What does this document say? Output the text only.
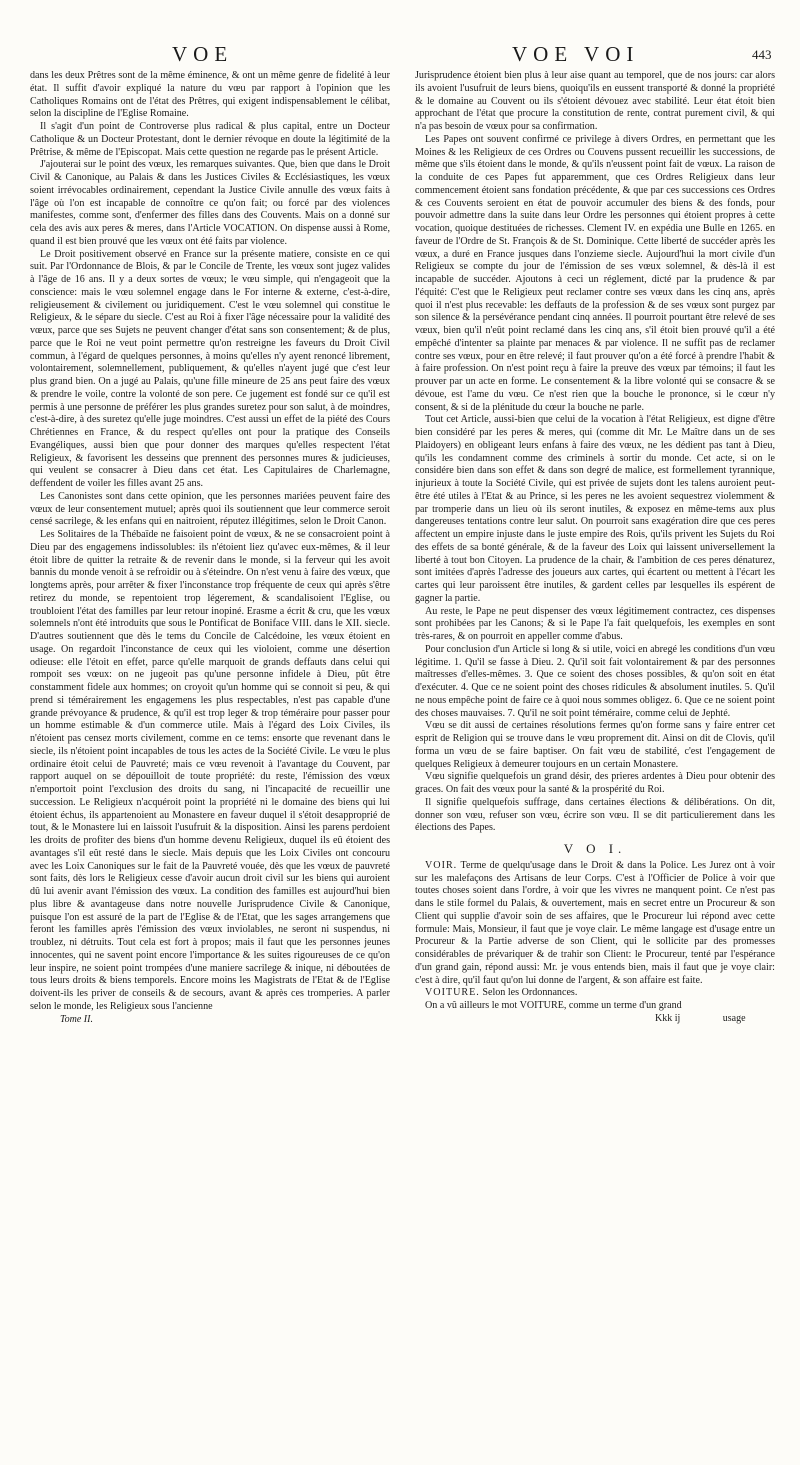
VOE	VOE VOI	443

dans les deux Prêtres sont de la même éminence, & ont un même genre de fidelité à leur état. Il suffit d'avoir expliqué la nature du vœu par rapport à l'opinion que les Catholiques Romains ont de l'état des Prêtres, qui exigent indispensablement le célibat, selon la discipline de l'Eglise Romaine.

Il s'agit d'un point de Controverse plus radical & plus capital, entre un Docteur Catholique & un Docteur Protestant, dont le dernier révoque en doute la légitimité de la Prêtrise, & même de l'Episcopat. Mais cette question ne regarde pas le présent Article.

J'ajouterai sur le point des vœux, les remarques suivantes. Que, bien que dans le Droit Civil & Canonique, au Palais & dans les Justices Civiles & Ecclésiastiques, les vœux soient irrévocables ordinairement, cependant la Justice Civile annulle des vœux faits à l'âge où l'on est incapable de connoître ce qu'on fait; ou forcé par des violences manifestes, comme sont, d'enfermer des filles dans des Couvents. Mais on a donné sur cela des avis aux peres & meres, dans l'Article VOCATION. On dispense aussi à Rome, quand il est bien prouvé que les vœux ont été faits par violence.

Le Droit positivement observé en France sur la présente matiere, consiste en ce qui suit. Par l'Ordonnance de Blois, & par le Concile de Trente, les vœux sont jugez valides à l'âge de 16 ans. Il y a deux sortes de vœux; le vœu simple, qui n'engageoit que la conscience: mais le vœu solemnel engage dans le For interne & externe, c'est-à-dire, religieusement & civilement ou juridiquement. C'est le vœu solemnel qui constitue le Religieux, & le sépare du siecle. C'est au Roi à fixer l'âge nécessaire pour la validité des vœux, parce que ses Sujets ne peuvent changer d'état sans son consentement; & de plus, parce que le Roi ne veut point permettre qu'on restreigne les faveurs du Droit Civil commun, à l'égard de quelques personnes, à moins qu'elles n'y ayent renoncé librement, volontairement, solemnellement, publiquement, & qu'elles n'ayent jugé que c'est leur plus grand bien. On a jugé au Palais, qu'une fille mineure de 25 ans peut faire des vœux & prendre le voile, contre la volonté de son pere. Ce jugement est fondé sur ce qu'il est permis à une personne de préférer les plus grandes suretez pour son salut, à de moindres, c'est-à-dire, à des suretez qu'elle juge moindres. C'est aussi un effet de la piété des Cours Chrétiennes en France, & du respect qu'elles ont pour la pratique des Conseils Evangéliques, aussi bien que pour donner des marques qu'elles respectent l'état Religieux, & favorisent les desseins que prennent des personnes mures & judicieuses, qui veulent se consacrer à Dieu dans cet état. Les Capitulaires de Charlemagne, deffendent de voiler les filles avant 25 ans.

Les Canonistes sont dans cette opinion, que les personnes mariées peuvent faire des vœux de leur consentement mutuel; après quoi ils soutiennent que leur commerce seroit censé sacrilege, & les enfans qui en naitroient, réputez illégitimes, selon le Droit Canon.

Les Solitaires de la Thébaïde ne faisoient point de vœux, & ne se consacroient point à Dieu par des engagemens indissolubles: ils n'étoient liez qu'avec eux-mêmes, & il leur étoit libre de quitter la retraite & de revenir dans le monde, si la ferveur qui les avoit bannis du monde venoit à se refroidir ou à s'éteindre. On n'est venu à faire des vœux, que longtems après, pour arrêter & fixer l'inconstance trop fréquente de ceux qui après s'être retirez du monde, se repentoient trop légerement, & scandalisoient l'Eglise, ou troubloient l'état des familles par leur retour inopiné. Erasme a écrit & cru, que les vœux solemnels n'ont été introduits que sous le Pontificat de Boniface VIII. dans le XII. siecle. D'autres soutiennent que dès le tems du Concile de Calcédoine, les vœux étoient en usage. On regardoit l'inconstance de ceux qui les violoient, comme une désertion odieuse: elle l'étoit en effet, parce qu'elle marquoit de grands deffauts dans celui qui rompoit ses vœux: on ne jugeoit pas qu'une personne infidele à Dieu, pût être constamment fidele aux hommes; on croyoit qu'un homme qui se connoit si peu, & qui prend si témérairement les engagemens les plus respectables, n'est pas capable d'une grande prévoyance & prudence, & qu'il est trop leger & trop téméraire pour passer pour un homme estimable & d'un commerce utile. Mais à l'égard des Loix Civiles, ils n'étoient pas censez morts civilement, comme en ce tems: ensorte que revenant dans le siecle, ils n'étoient point incapables de tous les actes de la Société Civile. Le vœu le plus ordinaire étoit celui de Pauvreté; mais ce vœu revenoit à l'avantage du Couvent, par rapport auquel on se dépouilloit de toute propriété: du reste, l'émission des vœux n'emportoit point l'exclusion des droits du sang, ni l'incapacité de recueillir une succession. Le Religieux n'acquéroit point la propriété ni le domaine des biens qui lui étoient échus, ils appartenoient au Monastere en faveur duquel il s'étoit desapproprié de tout, & le Monastere lui en laissoit l'usufruit & la disposition. Ainsi les parens perdoient les droits de profiter des biens d'un homme devenu Religieux, duquel ils eû étoient des avantages s'il eût resté dans le siecle. Mais depuis que les Loix Civiles ont concouru avec les Loix Canoniques sur le fait de la Pauvreté vouée, dès que les vœux de pauvreté sont faits, dès lors le Religieux cesse d'avoir aucun droit civil sur les biens qui auroient dû lui avenir avant l'émission des vœux. La condition des familles est aujourd'hui bien plus libre & avantageuse dans notre nouvelle Jurisprudence Civile & Canonique, puisque l'on est assuré de la part de l'Eglise & de l'Etat, que les sages arrangemens que feront les familles après l'émission des vœux inviolables, ne seront ni suspendus, ni troublez, ni détruits. Tout cela est fort à propos; mais il faut que les personnes jeunes innocentes, qui ne savent point encore l'importance & les suites rigoureuses de ce qu'on leur inspire, ne soient point trompées d'une maniere sacrilege & inique, ni déboutées de tous leurs droits & biens temporels. Encore moins les Magistrats de l'Etat & de l'Eglise doivent-ils les priver de conseils & de secours, avant & après ces tromperies. A parler selon le monde, les Religieux sous l'ancienne

Tome II.

Jurisprudence étoient bien plus à leur aise quant au temporel, que de nos jours: car alors ils avoient l'usufruit de leurs biens, quoiqu'ils en eussent transporté & donné la propriété & le domaine au Couvent ou ils s'étoient dévouez avec stabilité. Leur état étoit bien approchant de l'état que procure la constitution de rente, contrat purement civil, & qui n'a pas besoin de vœux pour sa confirmation.

Les Papes ont souvent confirmé ce privilege à divers Ordres, en permettant que les Moines & les Religieux de ces Ordres ou Couvens pussent recueillir les successions, de même que s'ils étoient dans le monde, & qu'ils n'eussent point fait de vœux. La raison de la conduite de ces Papes fut apparemment, que ces Ordres Religieux dans leur commencement étoient sans fondation précédente, & que par ces successions ces Ordres & ces Couvents seroient en état de pouvoir accumuler des biens & des fonds, pour pouvoir admettre dans la suite dans leur Ordre les personnes qui étoient propres à cette vocation, quoique destituées de richesses. Clement IV. en expédia une Bulle en 1265. en faveur de l'Ordre de St. François & de St. Dominique. Cette liberté de succéder après les vœux, a duré en France jusques dans l'onzieme siecle. Aujourd'hui la mort civile d'un Religieux se compte du jour de l'émission de ses vœux solemnel, & dès-là il est incapable de succéder. Ajoutons à ceci un réglement, dicté par la prudence & par l'équité: C'est que le Religieux peut reclamer contre ses vœux dans les cinq ans, après quoi il n'est plus recevable: les deffauts de la profession & de ses vœux sont purgez par son silence & la persévérance pendant cinq années. Il pourroit pourtant être relevé de ses vœux, bien qu'il n'eût point reclamé dans les cinq ans, s'il étoit bien prouvé qu'il a été empêché d'intenter sa plainte par menaces & par violence. Il ne suffit pas de reclamer contre ses vœux, pour en être relevé; il faut prouver qu'on a été forcé à prendre l'habit & à faire profession. On n'est point reçu à faire la preuve des vœux par témoins; il faut les prouver par un acte en forme. Le consentement & la libre volonté qui se consacre & se dévoue, est l'ame du vœu. Ce n'est rien que la bouche le prononce, si le cœur n'y consent, & si de la plénitude du cœur la bouche ne parle.

Tout cet Article, aussi-bien que celui de la vocation à l'état Religieux, est digne d'être bien considéré par les peres & meres, qui (comme dit Mr. Le Maître dans un de ses Plaidoyers) en obligeant leurs enfans à faire des vœux, ne les dédient pas tant à Dieu, qu'ils les condamnent comme des criminels à sortir du monde. Cet acte, si on le considére bien dans son effet & dans son degré de malice, est formellement tyrannique, injurieux à toute la Société Civile, qui est privée de sujets dont les talens auroient peut-être été utiles à l'Etat & au Prince, si les peres ne les avoient sequestrez violemment & par tromperie dans un lieu où ils seront inutiles, & exposez en même-tems aux plus dangereuses tentations contre leur salut. On pourroit sans exagération dire que ces peres affectent un empire injuste dans le juste empire des Rois, qu'ils privent les Sujets du Roi des effets de sa bonté générale, & de la faveur des Loix qui laissent universellement la liberté à tout bon Citoyen. La prudence de la chair, & l'ambition de ces peres dénaturez, sont imitées d'après l'adresse des joueurs aux cartes, qui écartent ou mettent à l'écart les cartes qui leur paroissent être inutiles, & gardent celles par lesquelles ils espérent de gagner la partie.

Au reste, le Pape ne peut dispenser des vœux légitimement contractez, ces dispenses sont prohibées par les Canons; & si le Pape l'a fait quelquefois, les exemples en sont très-rares, & on pourroit en appeller comme d'abus.

Pour conclusion d'un Article si long & si utile, voici en abregé les conditions d'un vœu légitime. 1. Qu'il se fasse à Dieu. 2. Qu'il soit fait volontairement & par des personnes maîtresses d'elles-mêmes. 3. Que ce soient des choses possibles, & qu'on soit en état d'exécuter. 4. Que ce ne soient point des choses ridicules & absolument inutiles. 5. Qu'il ne nous empêche point de faire ce à quoi nous sommes obligez. 6. Que ce ne soient point des choses mauvaises. 7. Qu'il ne soit point téméraire, comme celui de Jephté.

Vœu se dit aussi de certaines résolutions fermes qu'on forme sans y faire entrer cet esprit de Religion qui se trouve dans le vœu proprement dit. Ainsi on dit de Clovis, qu'il forma un vœu de se faire baptiser. On fait vœu de stabilité, c'est l'engagement de quelques Religieux à demeurer toujours en un certain Monastere.

Vœu signifie quelquefois un grand désir, des prieres ardentes à Dieu pour obtenir des graces. On fait des vœux pour la santé & la prospérité du Roi.

Il signifie quelquefois suffrage, dans certaines élections & délibérations. On dit, donner son vœu, refuser son vœu, écrire son vœu. Il se dit particulierement dans les élections des Papes.

V O I.

VOIR. Terme de quelqu'usage dans le Droit & dans la Police. Les Jurez ont à voir sur les malefaçons des Artisans de leur Corps. C'est à l'Officier de Police à voir que toutes choses soient dans l'ordre, à voir que les vivres ne manquent point. Ce n'est pas dans le stile formel du Palais, & ouvertement, mais en secret entre un Procureur & son Client qui supplie d'avoir soin de ses affaires, que le Procureur lui répond avec cette formule: Mais, Monsieur, il faut que je voye clair. Le même langage est d'usage entre un Procureur & la Partie adverse de son Client, qui le sollicite par des promesses considérables de prévariquer & de trahir son Client: le Procureur, tenté par l'espérance d'un grand gain, répond aussi: Mr. je vous entends bien, mais il faut que je voye clair: c'est à dire, qu'il faut qu'on lui donne de l'argent, & son affaire est faite.

VOITURE. Selon les Ordonnances.

On a vû ailleurs le mot VOITURE, comme un terme d'un grand

Kkk ij	usage
